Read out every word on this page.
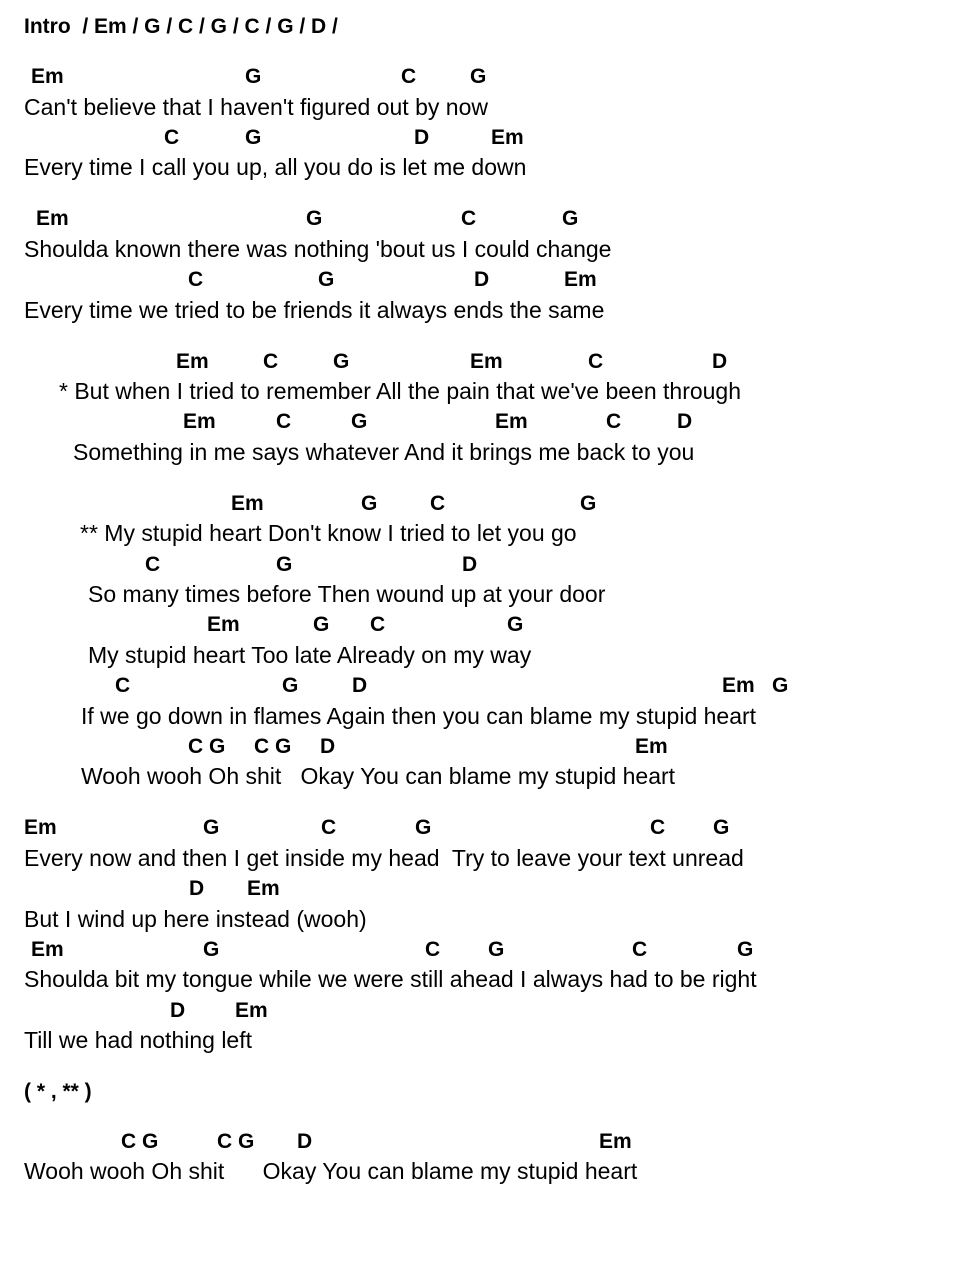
Intro  / Em / G / C / G / C / G / D /
Em	G	C	G
Can't believe that I haven't figured out by now
C	G	D	Em
Every time I call you up, all you do is let me down
Em	G	C	G
Shoulda known there was nothing 'bout us I could change
C	G	D	Em
Every time we tried to be friends it always ends the same
Em	C	G	Em	C	D
* But when I tried to remember All the pain that we've been through
Em	C	G	Em	C	D
Something in me says whatever And it brings me back to you
Em	G	C	G
** My stupid heart Don't know I tried to let you go
C	G	D
So many times before Then wound up at your door
Em	G C	G
My stupid heart Too late Already on my way
C	G	D	Em G
If we go down in flames Again then you can blame my stupid heart
C G C G D	Em
Wooh wooh Oh shit   Okay You can blame my stupid heart
Em	G	C	G	C G
Every now and then I get inside my head  Try to leave your text unread
D Em
But I wind up here instead (wooh)
Em	G	C G	C	G
Shoulda bit my tongue while we were still ahead I always had to be right
D Em
Till we had nothing left
( * , ** )
C G	C G D	Em
Wooh wooh Oh shit      Okay You can blame my stupid heart
